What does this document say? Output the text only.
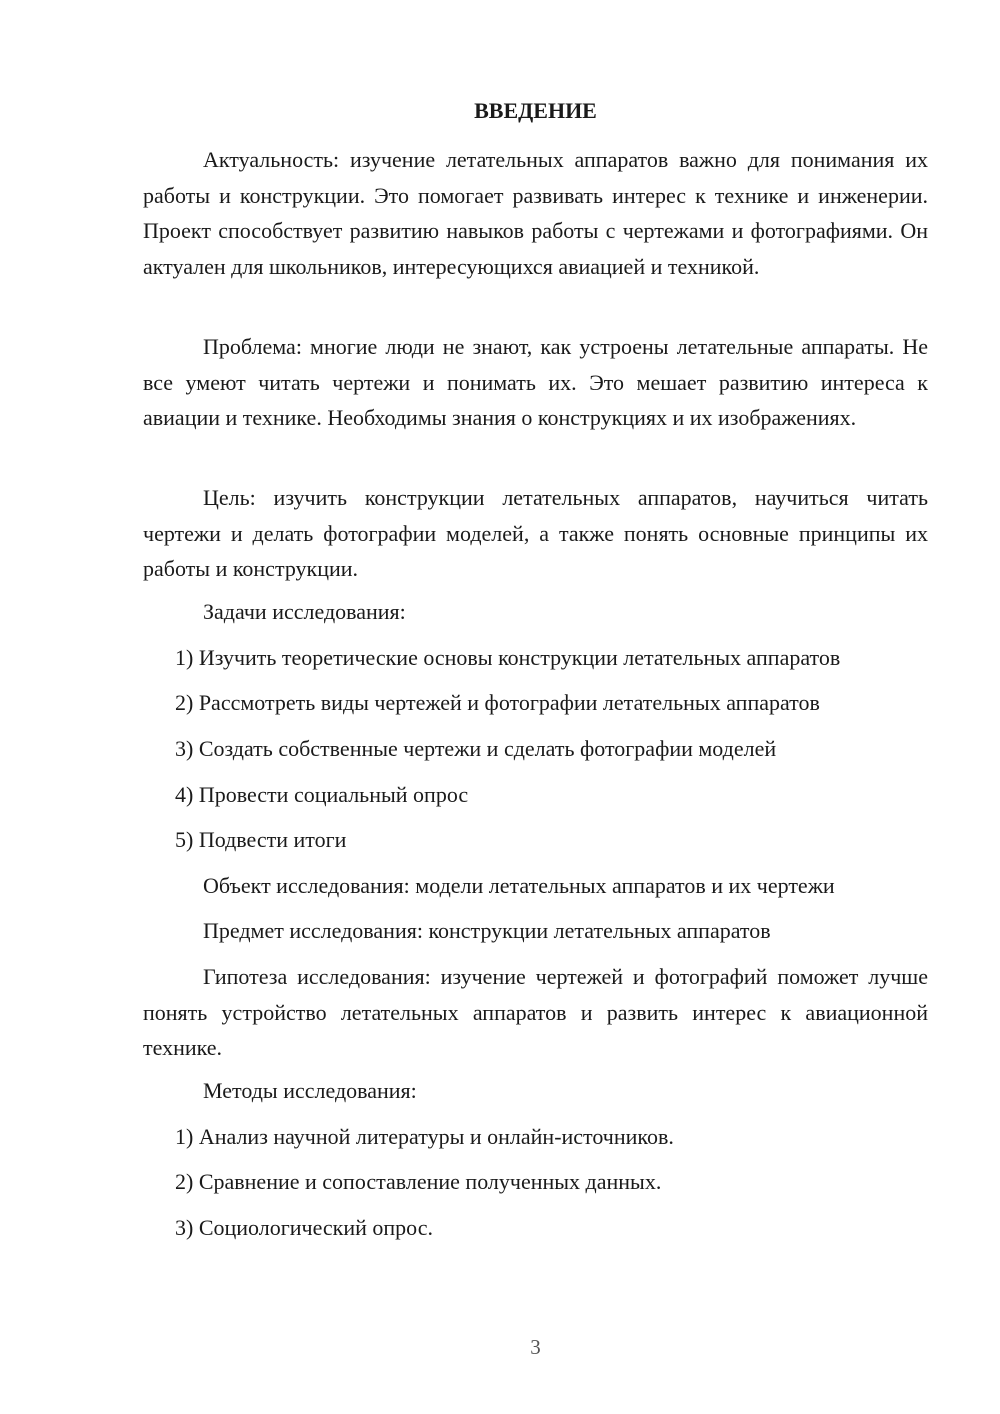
ВВЕДЕНИЕ

Актуальность: изучение летательных аппаратов важно для понимания их работы и конструкции. Это помогает развивать интерес к технике и инженерии. Проект способствует развитию навыков работы с чертежами и фотографиями. Он актуален для школьников, интересующихся авиацией и техникой.

Проблема: многие люди не знают, как устроены летательные аппараты. Не все умеют читать чертежи и понимать их. Это мешает развитию интереса к авиации и технике. Необходимы знания о конструкциях и их изображениях.

Цель: изучить конструкции летательных аппаратов, научиться читать чертежи и делать фотографии моделей, а также понять основные принципы их работы и конструкции.

Задачи исследования:

1) Изучить теоретические основы конструкции летательных аппаратов

2) Рассмотреть виды чертежей и фотографии летательных аппаратов

3) Создать собственные чертежи и сделать фотографии моделей

4) Провести социальный опрос

5) Подвести итоги

Объект исследования: модели летательных аппаратов и их чертежи

Предмет исследования: конструкции летательных аппаратов

Гипотеза исследования: изучение чертежей и фотографий поможет лучше понять устройство летательных аппаратов и развить интерес к авиационной технике.

Методы исследования:

1) Анализ научной литературы и онлайн-источников.

2) Сравнение и сопоставление полученных данных.

3) Социологический опрос.

3
